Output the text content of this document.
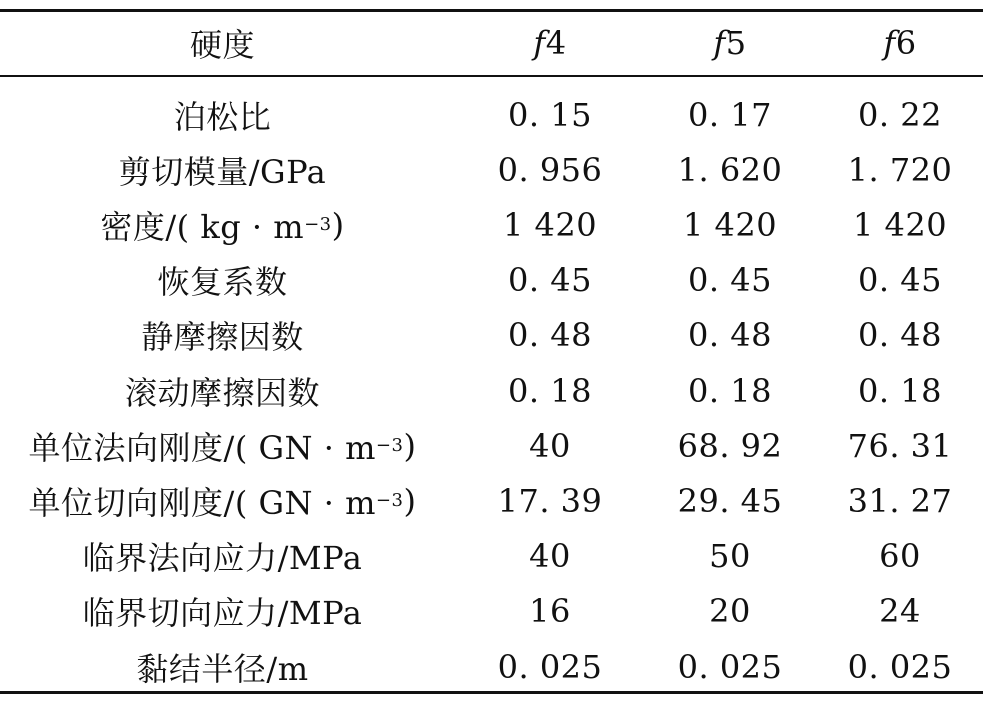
硬度	f 4	f 5	f 6
泊松比	0. 15	0. 17	0. 22
剪切模量/GPa	0. 956	1. 620	1. 720
密度/( kg · m −3 )	1 420	1 420	1 420
恢复系数	0. 45	0. 45	0. 45
静摩擦因数	0. 48	0. 48	0. 48
滚动摩擦因数	0. 18	0. 18	0. 18
单位法向刚度/( GN · m −3 )	40	68. 92	76. 31
单位切向刚度/( GN · m −3 )	17. 39	29. 45	31. 27
临界法向应力/MPa	40	50	60
临界切向应力/MPa	16	20	24
黏结半径/m	0. 025	0. 025	0. 025
